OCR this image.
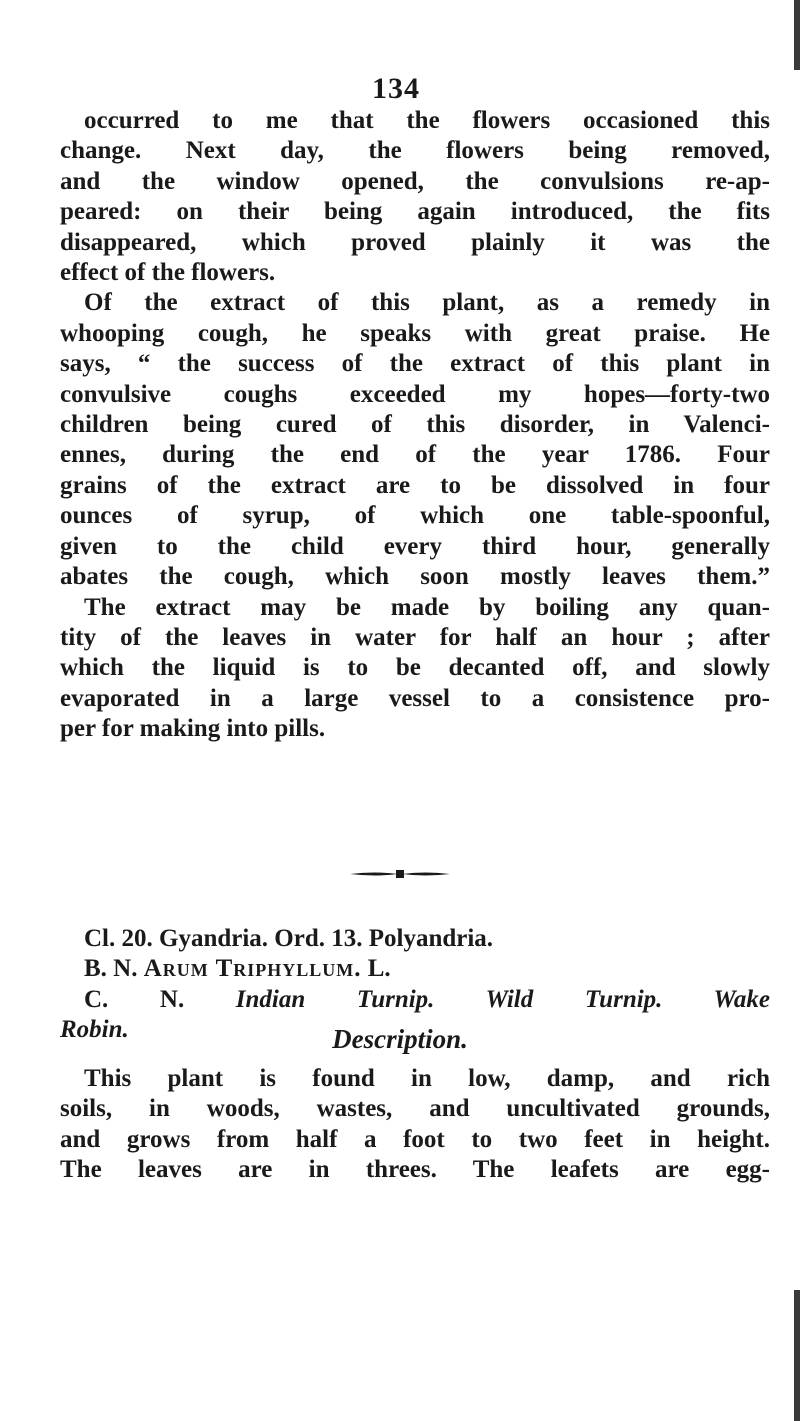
134
occurred to me that the flowers occasioned this
change. Next day, the flowers being removed,
and the window opened, the convulsions re-ap-
peared: on their being again introduced, the fits
disappeared, which proved plainly it was the
effect of the flowers.
Of the extract of this plant, as a remedy in
whooping cough, he speaks with great praise. He
says, “ the success of the extract of this plant in
convulsive coughs exceeded my hopes—forty-two
children being cured of this disorder, in Valenci-
ennes, during the end of the year 1786. Four
grains of the extract are to be dissolved in four
ounces of syrup, of which one table-spoonful,
given to the child every third hour, generally
abates the cough, which soon mostly leaves them.”
The extract may be made by boiling any quan-
tity of the leaves in water for half an hour ; after
which the liquid is to be decanted off, and slowly
evaporated in a large vessel to a consistence pro-
per for making into pills.
Cl. 20. Gyandria. Ord. 13. Polyandria.
B. N. Arum Triphyllum. L.
C. N. Indian Turnip. Wild Turnip. Wake
Robin.	Description.
This plant is found in low, damp, and rich
soils, in woods, wastes, and uncultivated grounds,
and grows from half a foot to two feet in height.
The leaves are in threes. The leafets are egg-
